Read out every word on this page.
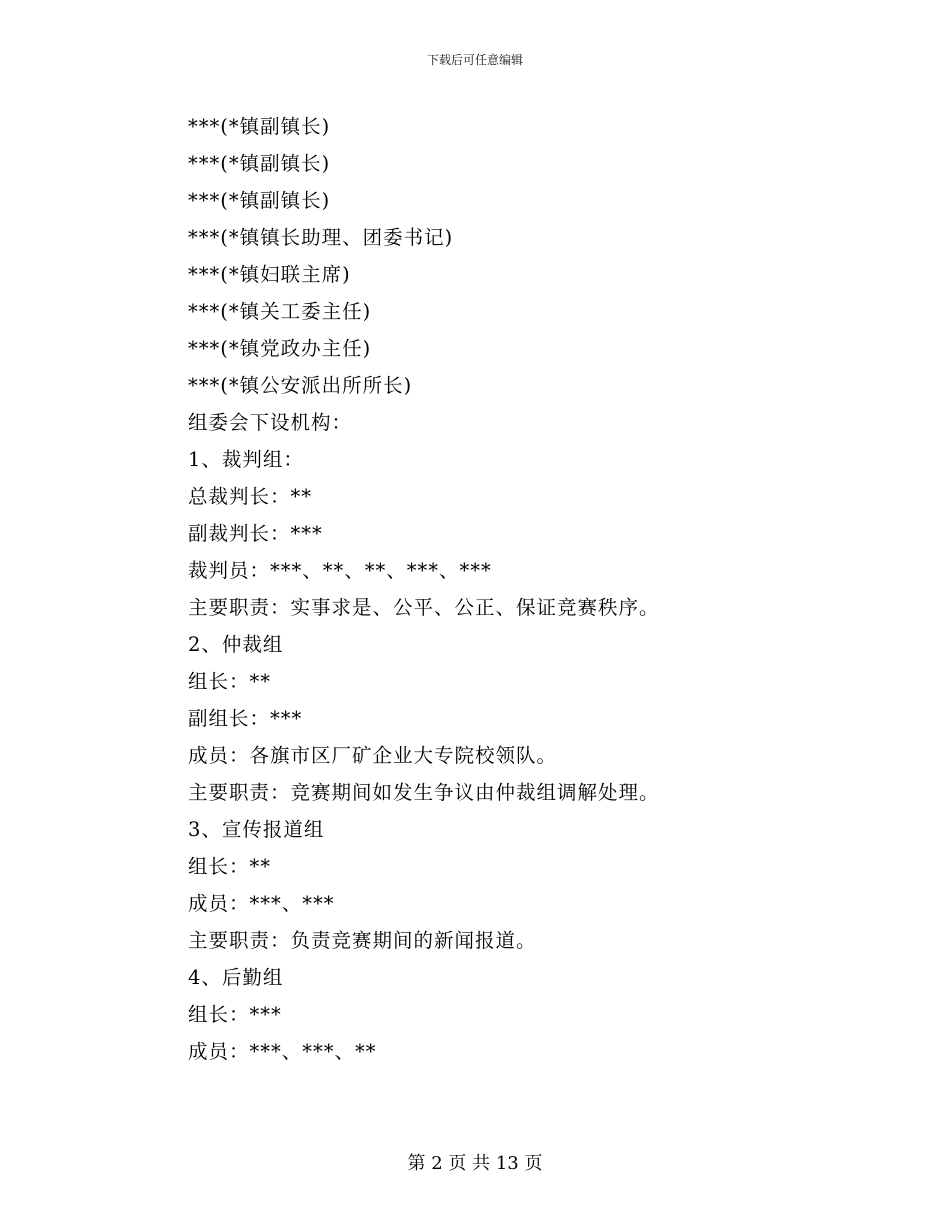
下载后可任意编辑
***(*镇副镇长)
***(*镇副镇长)
***(*镇副镇长)
***(*镇镇长助理、团委书记)
***(*镇妇联主席)
***(*镇关工委主任)
***(*镇党政办主任)
***(*镇公安派出所所长)
组委会下设机构：
1、裁判组：
总裁判长：**
副裁判长：***
裁判员：***、**、**、***、***
主要职责：实事求是、公平、公正、保证竞赛秩序。
2、仲裁组
组长：**
副组长：***
成员：各旗市区厂矿企业大专院校领队。
主要职责：竞赛期间如发生争议由仲裁组调解处理。
3、宣传报道组
组长：**
成员：***、***
主要职责：负责竞赛期间的新闻报道。
4、后勤组
组长：***
成员：***、***、**
第 2 页 共 13 页
